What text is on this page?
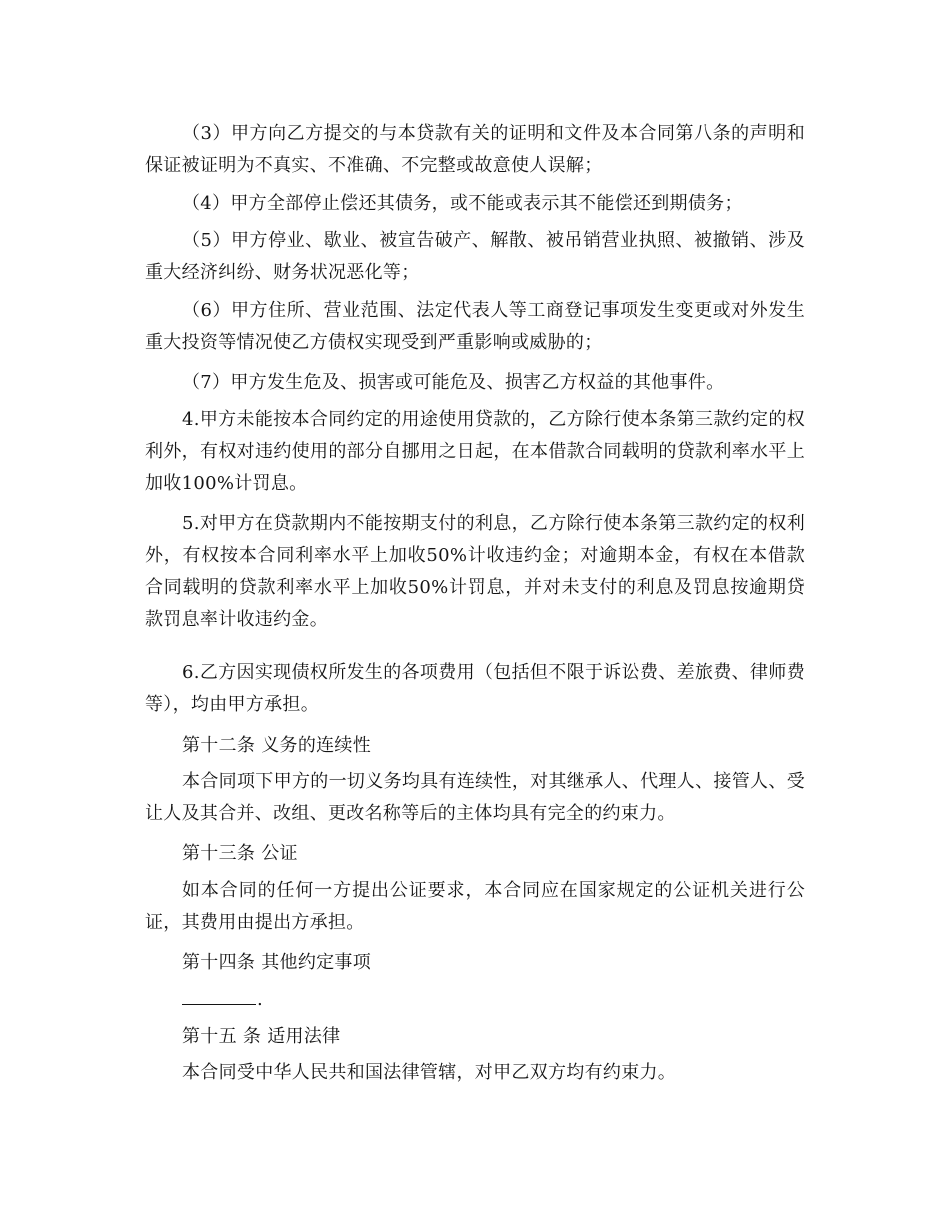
（3）甲方向乙方提交的与本贷款有关的证明和文件及本合同第八条的声明和保证被证明为不真实、不准确、不完整或故意使人误解；

（4）甲方全部停止偿还其债务，或不能或表示其不能偿还到期债务；

（5）甲方停业、歇业、被宣告破产、解散、被吊销营业执照、被撤销、涉及重大经济纠纷、财务状况恶化等；

（6）甲方住所、营业范围、法定代表人等工商登记事项发生变更或对外发生重大投资等情况使乙方债权实现受到严重影响或威胁的；

（7）甲方发生危及、损害或可能危及、损害乙方权益的其他事件。

4.甲方未能按本合同约定的用途使用贷款的，乙方除行使本条第三款约定的权利外，有权对违约使用的部分自挪用之日起，在本借款合同载明的贷款利率水平上加收100%计罚息。

5.对甲方在贷款期内不能按期支付的利息，乙方除行使本条第三款约定的权利外，有权按本合同利率水平上加收50%计收违约金；对逾期本金，有权在本借款合同载明的贷款利率水平上加收50%计罚息，并对未支付的利息及罚息按逾期贷款罚息率计收违约金。

6.乙方因实现债权所发生的各项费用（包括但不限于诉讼费、差旅费、律师费等），均由甲方承担。

第十二条 义务的连续性

本合同项下甲方的一切义务均具有连续性，对其继承人、代理人、接管人、受让人及其合并、改组、更改名称等后的主体均具有完全的约束力。

第十三条 公证

如本合同的任何一方提出公证要求，本合同应在国家规定的公证机关进行公证，其费用由提出方承担。

第十四条 其他约定事项

.

第十五 条 适用法律

本合同受中华人民共和国法律管辖，对甲乙双方均有约束力。
